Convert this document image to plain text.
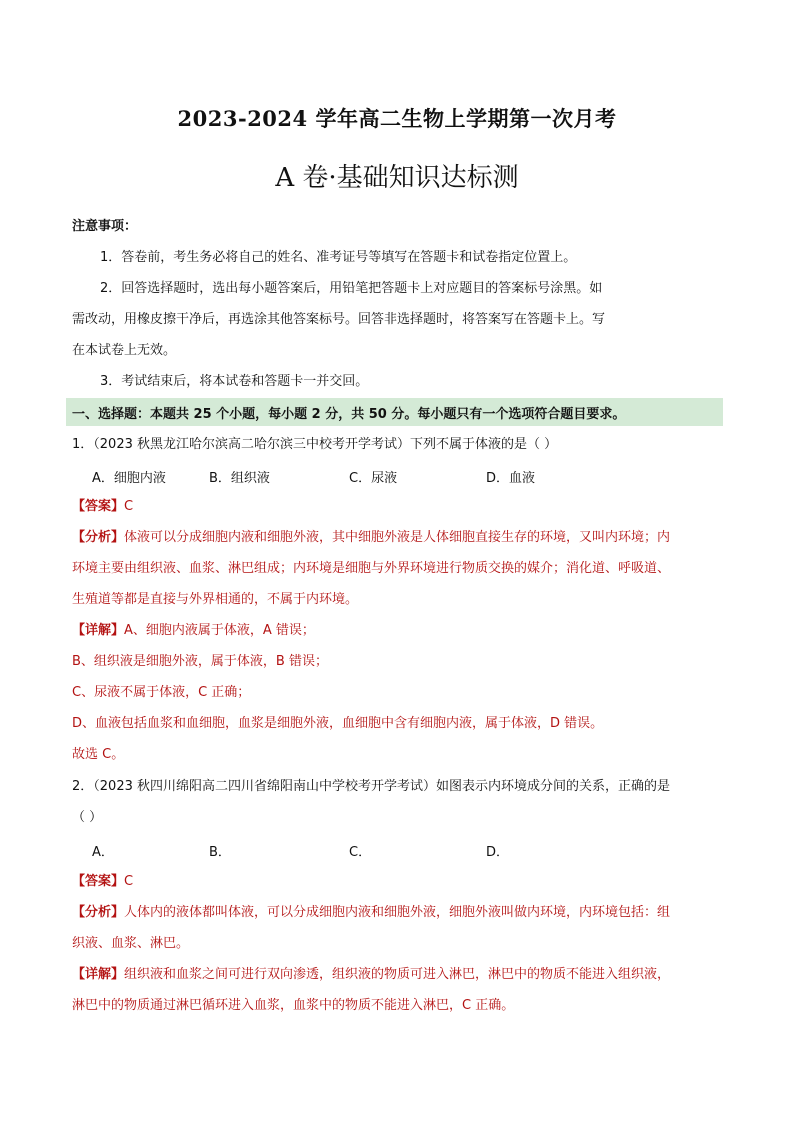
2023-2024 学年高二生物上学期第一次月考
A 卷·基础知识达标测
注意事项：
1．答卷前，考生务必将自己的姓名、准考证号等填写在答题卡和试卷指定位置上。
2．回答选择题时，选出每小题答案后，用铅笔把答题卡上对应题目的答案标号涂黑。如
需改动，用橡皮擦干净后，再选涂其他答案标号。回答非选择题时，将答案写在答题卡上。写
在本试卷上无效。
3．考试结束后，将本试卷和答题卡一并交回。
一、选择题：本题共 25 个小题，每小题 2 分，共 50 分。每小题只有一个选项符合题目要求。
1．（2023 秋黑龙江哈尔滨高二哈尔滨三中校考开学考试）下列不属于体液的是（ ）
A．细胞内液	B．组织液	C．尿液	D．血液
【答案】C
【分析】体液可以分成细胞内液和细胞外液，其中细胞外液是人体细胞直接生存的环境，又叫内环境；内
环境主要由组织液、血浆、淋巴组成；内环境是细胞与外界环境进行物质交换的媒介；消化道、呼吸道、
生殖道等都是直接与外界相通的，不属于内环境。
【详解】A、细胞内液属于体液，A 错误；
B、组织液是细胞外液，属于体液，B 错误；
C、尿液不属于体液，C 正确；
D、血液包括血浆和血细胞，血浆是细胞外液，血细胞中含有细胞内液，属于体液，D 错误。
故选 C。
2．（2023 秋四川绵阳高二四川省绵阳南山中学校考开学考试）如图表示内环境成分间的关系，正确的是
（ ）
A．	B．	C．	D．
【答案】C
【分析】人体内的液体都叫体液，可以分成细胞内液和细胞外液，细胞外液叫做内环境，内环境包括：组
织液、血浆、淋巴。
【详解】组织液和血浆之间可进行双向渗透，组织液的物质可进入淋巴，淋巴中的物质不能进入组织液，
淋巴中的物质通过淋巴循环进入血浆，血浆中的物质不能进入淋巴，C 正确。
